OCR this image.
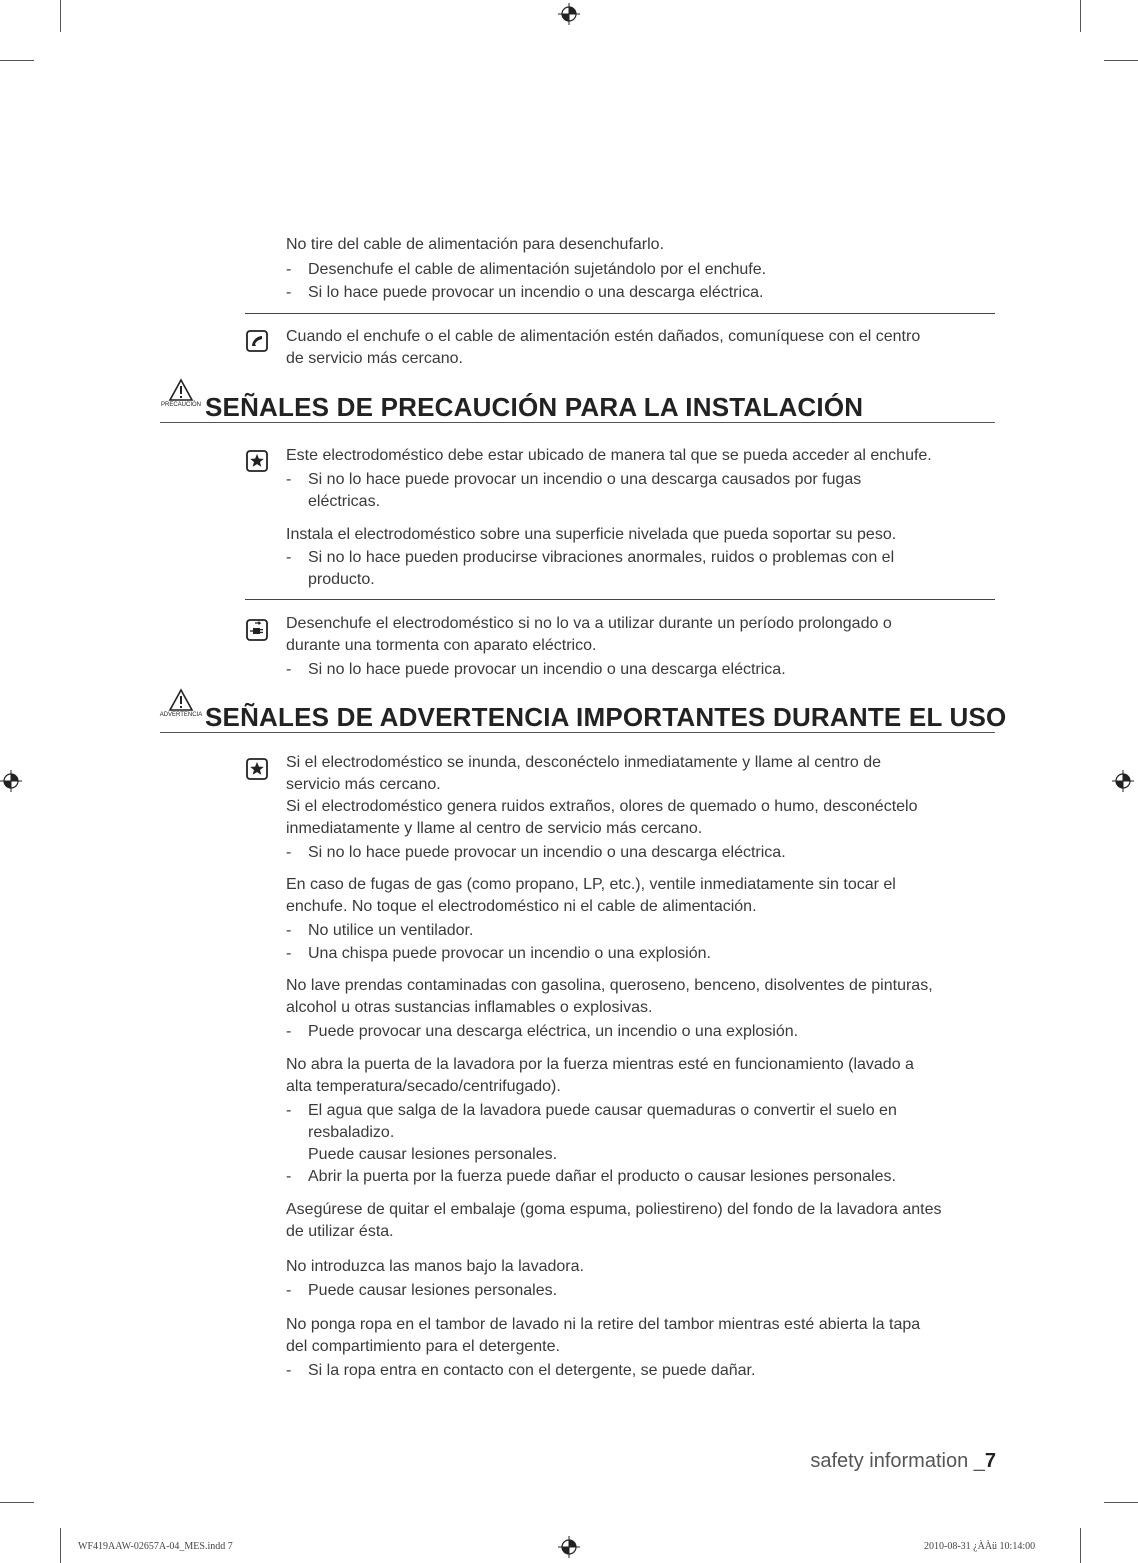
No tire del cable de alimentación para desenchufarlo.

- Desenchufe el cable de alimentación sujetándolo por el enchufe.

- Si lo hace puede provocar un incendio o una descarga eléctrica.

Cuando el enchufe o el cable de alimentación estén dañados, comuníquese con el centro

de servicio más cercano.

PRECAUCIÓN SEÑALES DE PRECAUCIÓN PARA LA INSTALACIÓN

Este electrodoméstico debe estar ubicado de manera tal que se pueda acceder al enchufe.

- Si no lo hace puede provocar un incendio o una descarga causados por fugas

eléctricas.

Instala el electrodoméstico sobre una superficie nivelada que pueda soportar su peso.

- Si no lo hace pueden producirse vibraciones anormales, ruidos o problemas con el

producto.

Desenchufe el electrodoméstico si no lo va a utilizar durante un período prolongado o

durante una tormenta con aparato eléctrico.

- Si no lo hace puede provocar un incendio o una descarga eléctrica.

ADVERTENCIA SEÑALES DE ADVERTENCIA IMPORTANTES DURANTE EL USO

Si el electrodoméstico se inunda, desconéctelo inmediatamente y llame al centro de

servicio más cercano.

Si el electrodoméstico genera ruidos extraños, olores de quemado o humo, desconéctelo

inmediatamente y llame al centro de servicio más cercano.

- Si no lo hace puede provocar un incendio o una descarga eléctrica.

En caso de fugas de gas (como propano, LP, etc.), ventile inmediatamente sin tocar el

enchufe. No toque el electrodoméstico ni el cable de alimentación.

- No utilice un ventilador.

- Una chispa puede provocar un incendio o una explosión.

No lave prendas contaminadas con gasolina, queroseno, benceno, disolventes de pinturas,

alcohol u otras sustancias inflamables o explosivas.

- Puede provocar una descarga eléctrica, un incendio o una explosión.

No abra la puerta de la lavadora por la fuerza mientras esté en funcionamiento (lavado a

alta temperatura/secado/centrifugado).

- El agua que salga de la lavadora puede causar quemaduras o convertir el suelo en

resbaladizo.

Puede causar lesiones personales.

- Abrir la puerta por la fuerza puede dañar el producto o causar lesiones personales.

Asegúrese de quitar el embalaje (goma espuma, poliestireno) del fondo de la lavadora antes

de utilizar ésta.

No introduzca las manos bajo la lavadora.

- Puede causar lesiones personales.

No ponga ropa en el tambor de lavado ni la retire del tambor mientras esté abierta la tapa

del compartimiento para el detergente.

- Si la ropa entra en contacto con el detergente, se puede dañar.

safety information _7
WF419AAW-02657A-04_MES.indd 7	2010-08-31 ¿ÀÀü 10:14:00
